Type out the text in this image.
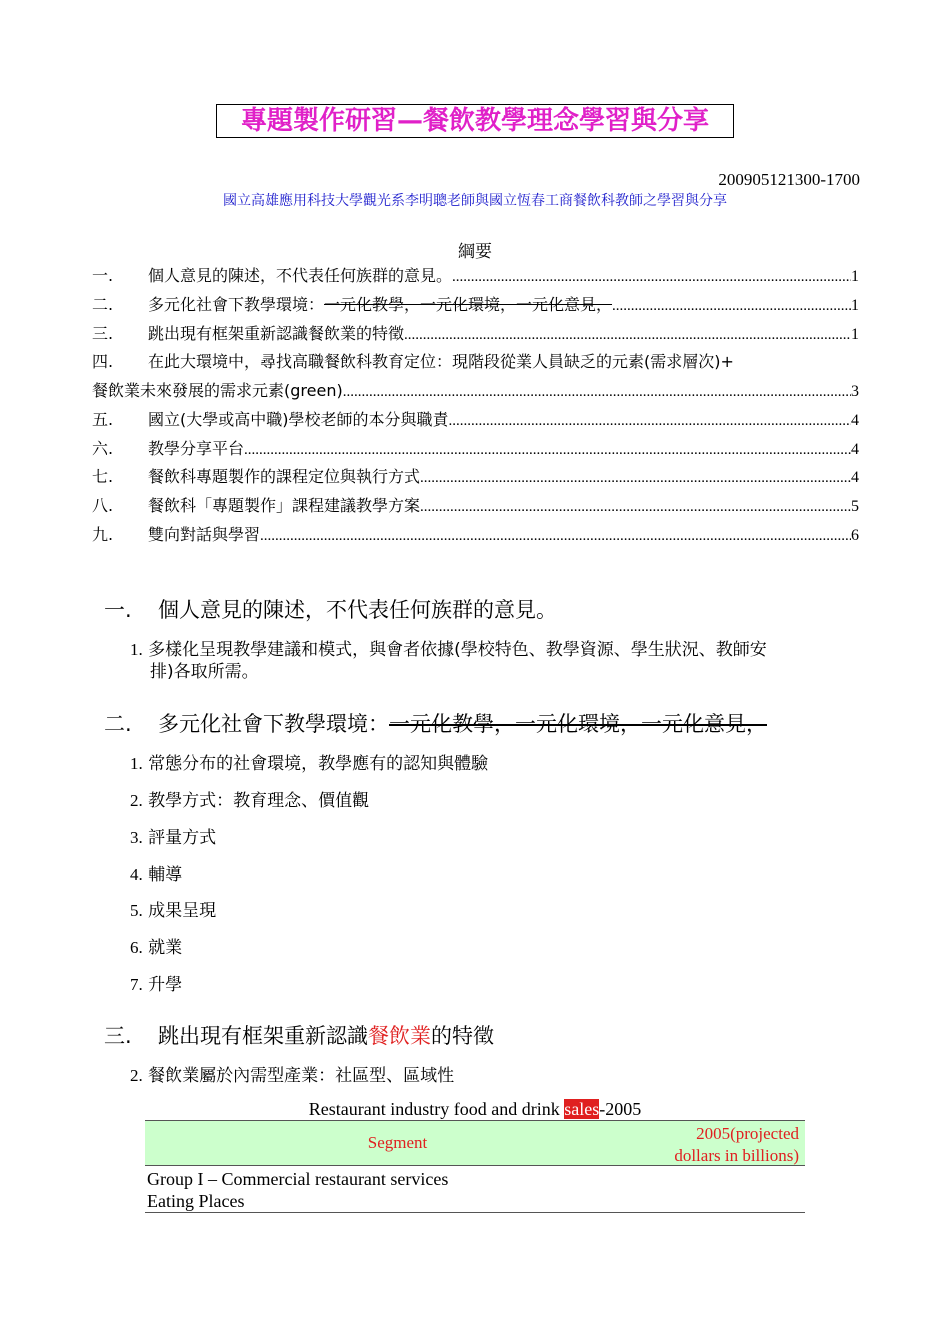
專題製作研習—餐飲教學理念學習與分享
200905121300-1700
國立高雄應用科技大學觀光系李明聰老師與國立恆春工商餐飲科教師之學習與分享
綱要
一.	個人意見的陳述，不代表任何族群的意見。 .....	1
二.	多元化社會下教學環境： 一元化教學，一元化環境，一元化意見， .....	1
三.	跳出現有框架重新認識餐飲業的特徵 .....	1
四.	在此大環境中，尋找高職餐飲科教育定位：現階段從業人員缺乏的元素(需求層次)+
餐飲業未來發展的需求元素(green) .....	3
五.	國立(大學或高中職)學校老師的本分與職責 .....	4
六.	教學分享平台 .....	4
七.	餐飲科專題製作的課程定位與執行方式 .....	4
八.	餐飲科「專題製作」課程建議教學方案 .....	5
九.	雙向對話與學習 .....	6
一. 個人意見的陳述，不代表任何族群的意見。
1. 多樣化呈現教學建議和模式，與會者依據(學校特色、教學資源、學生狀況、教師安
排)各取所需。
二. 多元化社會下教學環境：一元化教學，一元化環境，一元化意見，
1. 常態分布的社會環境，教學應有的認知與體驗
2. 教學方式：教育理念、價值觀
3. 評量方式
4. 輔導
5. 成果呈現
6. 就業
7. 升學
三. 跳出現有框架重新認識餐飲業的特徵
2. 餐飲業屬於內需型產業：社區型、區域性
Restaurant industry food and drink sales-2005
Segment	2005(projected
dollars in billions)
Group I – Commercial restaurant services
Eating Places
